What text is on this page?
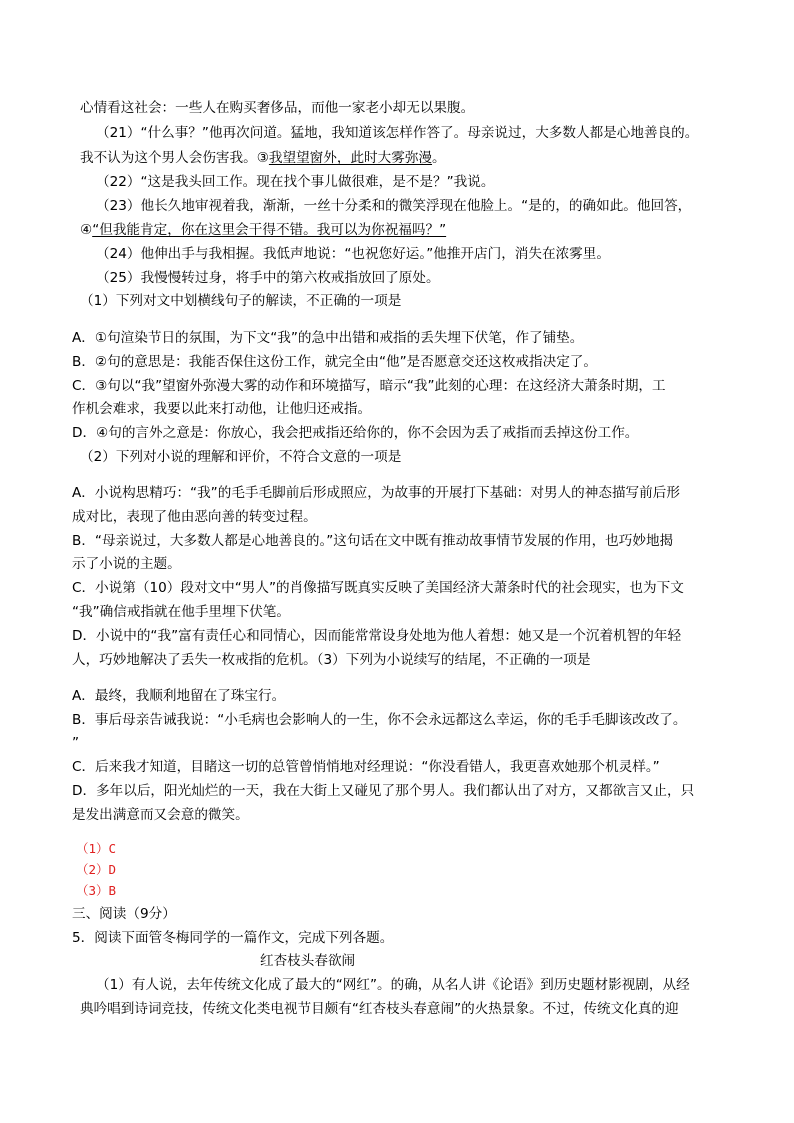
心情看这社会：一些人在购买奢侈品，而他一家老小却无以果腹。
（21）“什么事？”他再次问道。猛地，我知道该怎样作答了。母亲说过，大多数人都是心地善良的。
我不认为这个男人会伤害我。③我望望窗外，此时大雾弥漫。
（22）“这是我头回工作。现在找个事儿做很难，是不是？”我说。
（23）他长久地审视着我，渐渐，一丝十分柔和的微笑浮现在他脸上。“是的，的确如此。他回答，
④“但我能肯定，你在这里会干得不错。我可以为你祝福吗？”
（24）他伸出手与我相握。我低声地说：“也祝您好运。”他推开店门，消失在浓雾里。
（25）我慢慢转过身，将手中的第六枚戒指放回了原处。
（1）下列对文中划横线句子的解读，不正确的一项是
A．①句渲染节日的氛围，为下文“我”的急中出错和戒指的丢失埋下伏笔，作了铺垫。
B．②句的意思是：我能否保住这份工作，就完全由“他”是否愿意交还这枚戒指决定了。
C．③句以“我”望窗外弥漫大雾的动作和环境描写，暗示“我”此刻的心理：在这经济大萧条时期，工
作机会难求，我要以此来打动他，让他归还戒指。
D．④句的言外之意是：你放心，我会把戒指还给你的，你不会因为丢了戒指而丢掉这份工作。
（2）下列对小说的理解和评价，不符合文意的一项是
A．小说构思精巧：“我”的毛手毛脚前后形成照应，为故事的开展打下基础：对男人的神态描写前后形
成对比，表现了他由恶向善的转变过程。
B．“母亲说过，大多数人都是心地善良的。”这句话在文中既有推动故事情节发展的作用，也巧妙地揭
示了小说的主题。
C．小说第（10）段对文中“男人”的肖像描写既真实反映了美国经济大萧条时代的社会现实，也为下文
“我”确信戒指就在他手里埋下伏笔。
D．小说中的“我”富有责任心和同情心，因而能常常设身处地为他人着想：她又是一个沉着机智的年轻
人，巧妙地解决了丢失一枚戒指的危机。（3）下列为小说续写的结尾，不正确的一项是
A．最终，我顺利地留在了珠宝行。
B．事后母亲告诫我说：“小毛病也会影响人的一生，你不会永远都这么幸运，你的毛手毛脚该改改了。
”
C．后来我才知道，目睹这一切的总管曾悄悄地对经理说：“你没看错人，我更喜欢她那个机灵样。”
D．多年以后，阳光灿烂的一天，我在大街上又碰见了那个男人。我们都认出了对方，又都欲言又止，只
是发出满意而又会意的微笑。
（1）C
（2）D
（3）B
三、阅读（9分）
5．阅读下面管冬梅同学的一篇作文，完成下列各题。
红杏枝头春欲闹
（1）有人说，去年传统文化成了最大的“网红”。的确，从名人讲《论语》到历史题材影视剧，从经
典吟唱到诗词竞技，传统文化类电视节目颇有“红杏枝头春意闹”的火热景象。不过，传统文化真的迎
